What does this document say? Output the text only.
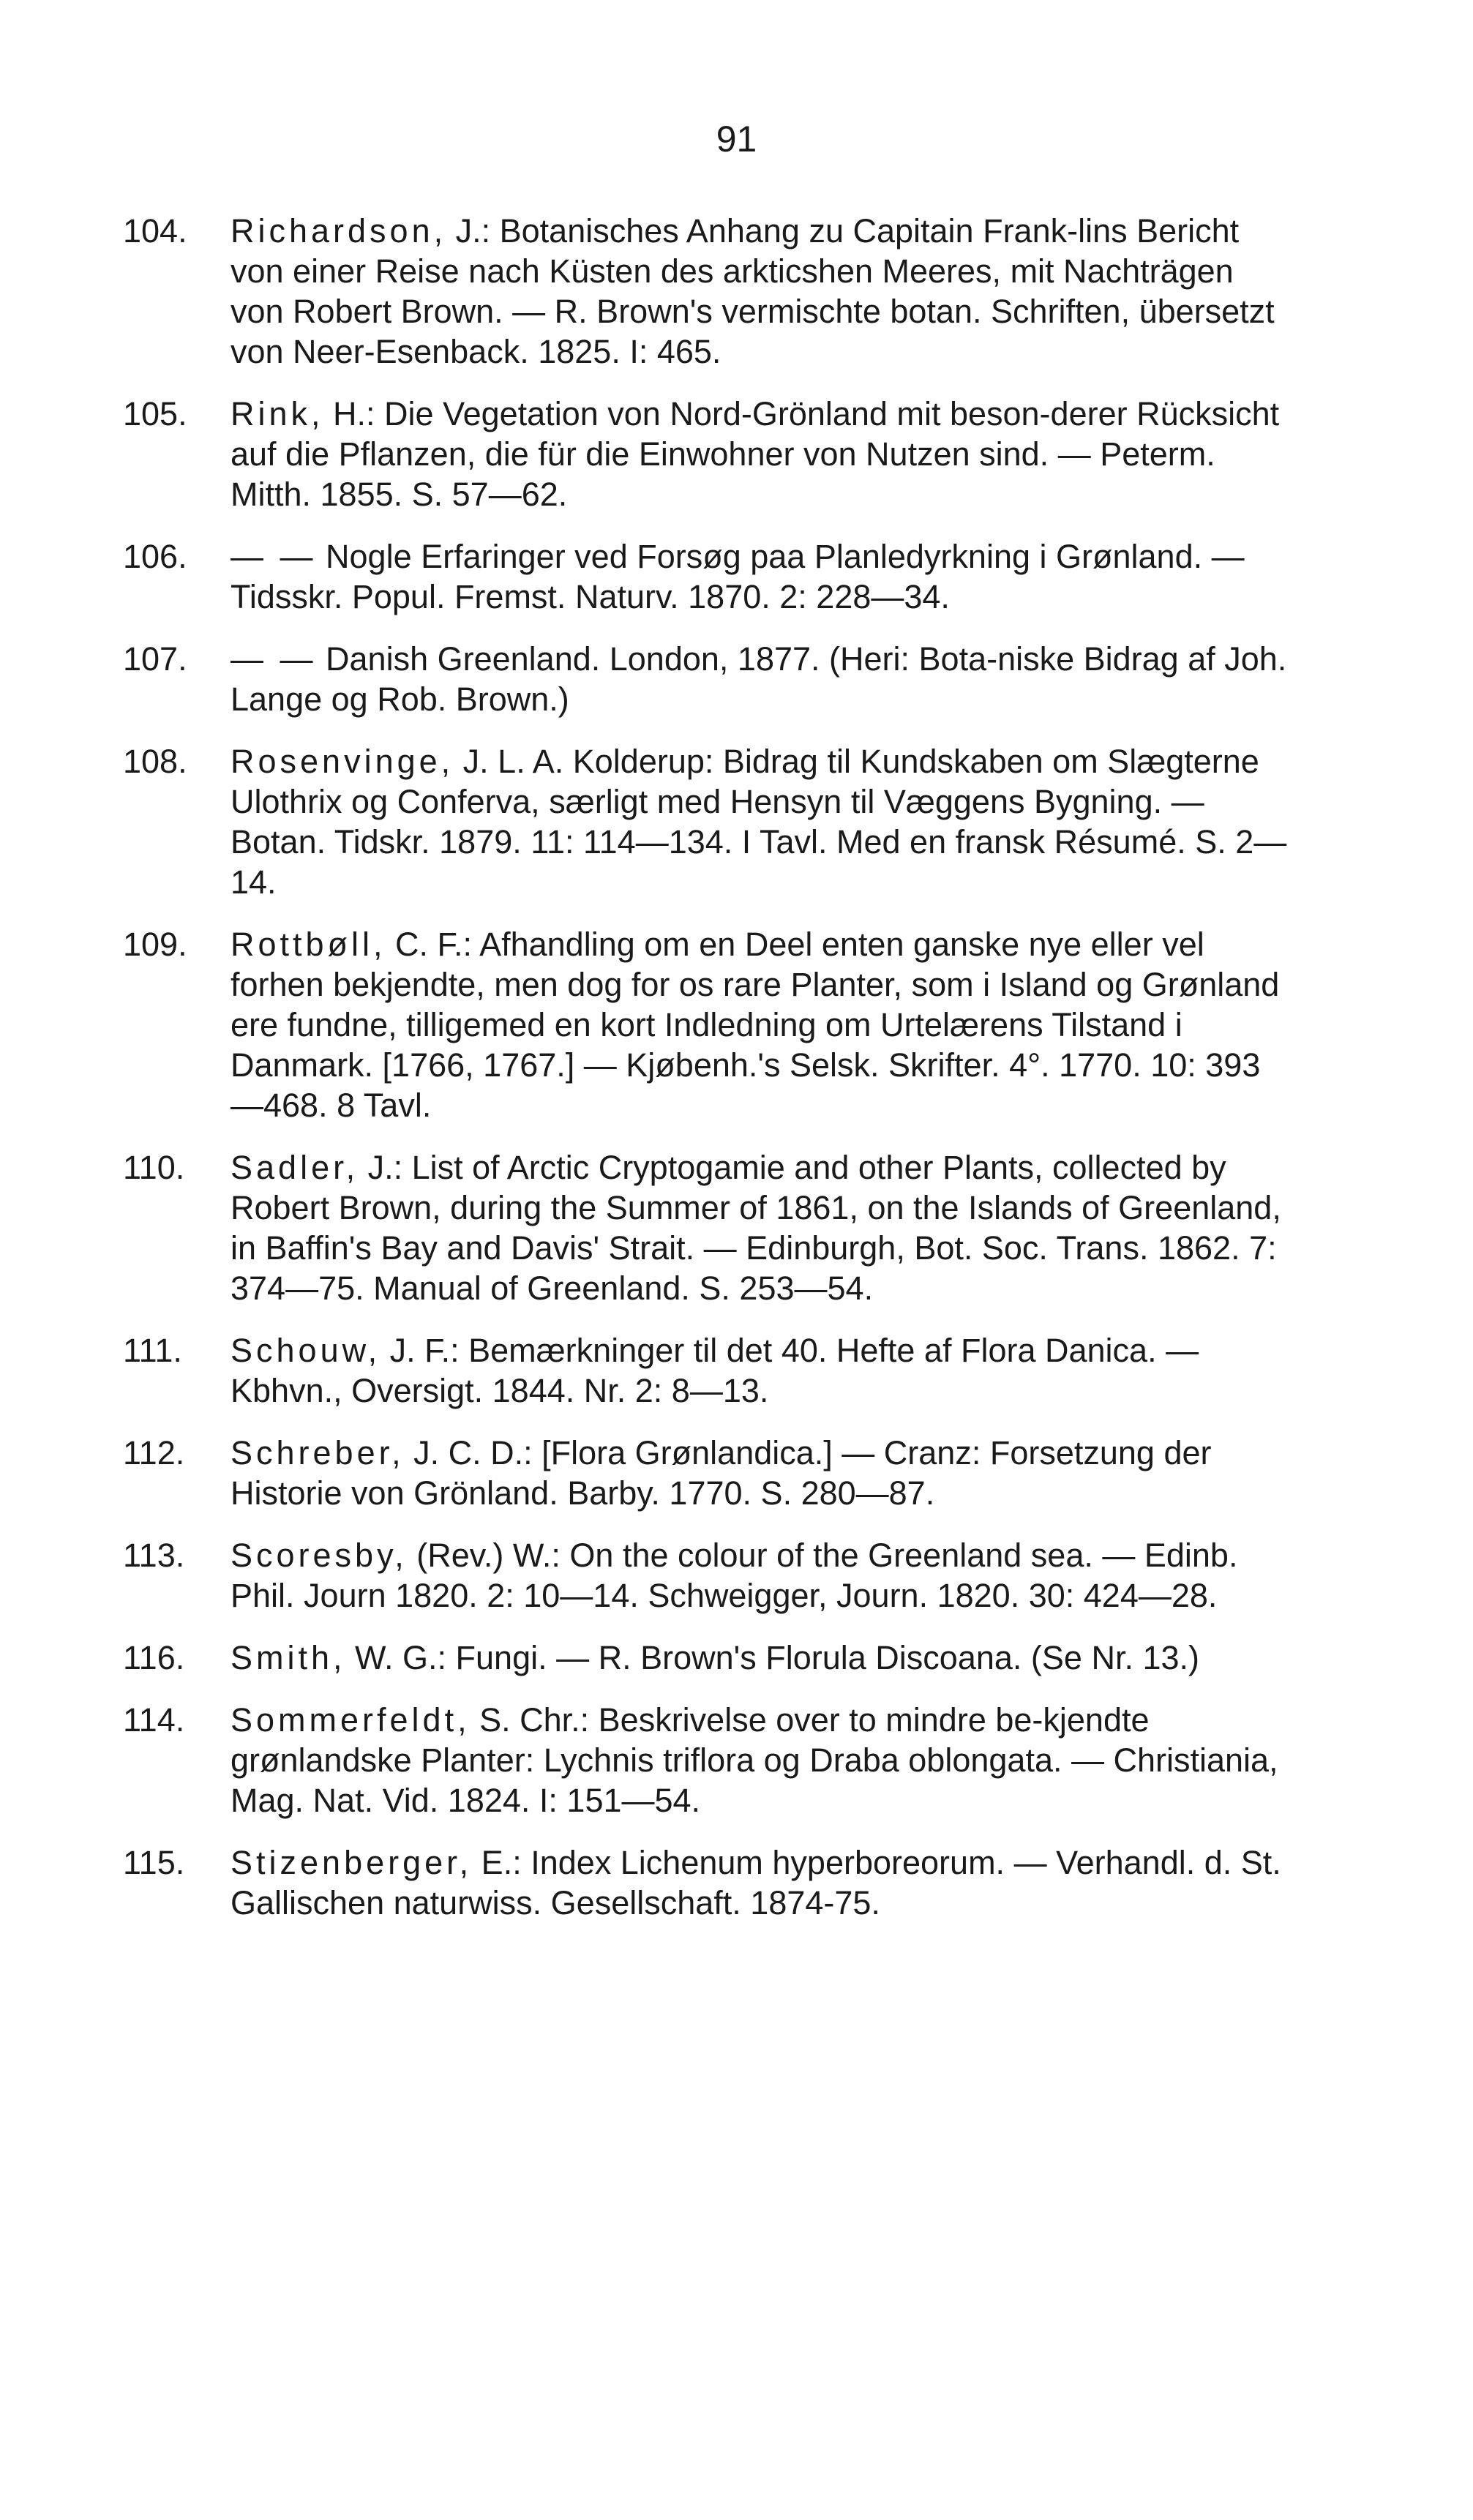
91
104.	Richardson, J.: Botanisches Anhang zu Capitain Frank-lins Bericht von einer Reise nach Küsten des arkticshen Meeres, mit Nachträgen von Robert Brown. — R. Brown's vermischte botan. Schriften, übersetzt von Neer-Esenback. 1825. I: 465.
105.	Rink, H.: Die Vegetation von Nord-Grönland mit beson-derer Rücksicht auf die Pflanzen, die für die Einwohner von Nutzen sind. — Peterm. Mitth. 1855. S. 57—62.
106.	— — Nogle Erfaringer ved Forsøg paa Planledyrkning i Grønland. — Tidsskr. Popul. Fremst. Naturv. 1870. 2: 228—34.
107.	— — Danish Greenland. London, 1877. (Heri: Bota-niske Bidrag af Joh. Lange og Rob. Brown.)
108.	Rosenvinge, J. L. A. Kolderup: Bidrag til Kundskaben om Slægterne Ulothrix og Conferva, særligt med Hensyn til Væggens Bygning. — Botan. Tidskr. 1879. 11: 114—134. I Tavl. Med en fransk Résumé. S. 2—14.
109.	Rottbøll, C. F.: Afhandling om en Deel enten ganske nye eller vel forhen bekjendte, men dog for os rare Planter, som i Island og Grønland ere fundne, tilligemed en kort Indledning om Urtelærens Tilstand i Danmark. [1766, 1767.] — Kjøbenh.'s Selsk. Skrifter. 4°. 1770. 10: 393—468. 8 Tavl.
110.	Sadler, J.: List of Arctic Cryptogamie and other Plants, collected by Robert Brown, during the Summer of 1861, on the Islands of Greenland, in Baffin's Bay and Davis' Strait. — Edinburgh, Bot. Soc. Trans. 1862. 7: 374—75. Manual of Greenland. S. 253—54.
111.	Schouw, J. F.: Bemærkninger til det 40. Hefte af Flora Danica. — Kbhvn., Oversigt. 1844. Nr. 2: 8—13.
112.	Schreber, J. C. D.: [Flora Grønlandica.] — Cranz: Forsetzung der Historie von Grönland. Barby. 1770. S. 280—87.
113.	Scoresby, (Rev.) W.: On the colour of the Greenland sea. — Edinb. Phil. Journ 1820. 2: 10—14. Schweigger, Journ. 1820. 30: 424—28.
116.	Smith, W. G.: Fungi. — R. Brown's Florula Discoana. (Se Nr. 13.)
114.	Sommerfeldt, S. Chr.: Beskrivelse over to mindre be-kjendte grønlandske Planter: Lychnis triflora og Draba oblongata. — Christiania, Mag. Nat. Vid. 1824. I: 151—54.
115.	Stizenberger, E.: Index Lichenum hyperboreorum. — Verhandl. d. St. Gallischen naturwiss. Gesellschaft. 1874-75.
